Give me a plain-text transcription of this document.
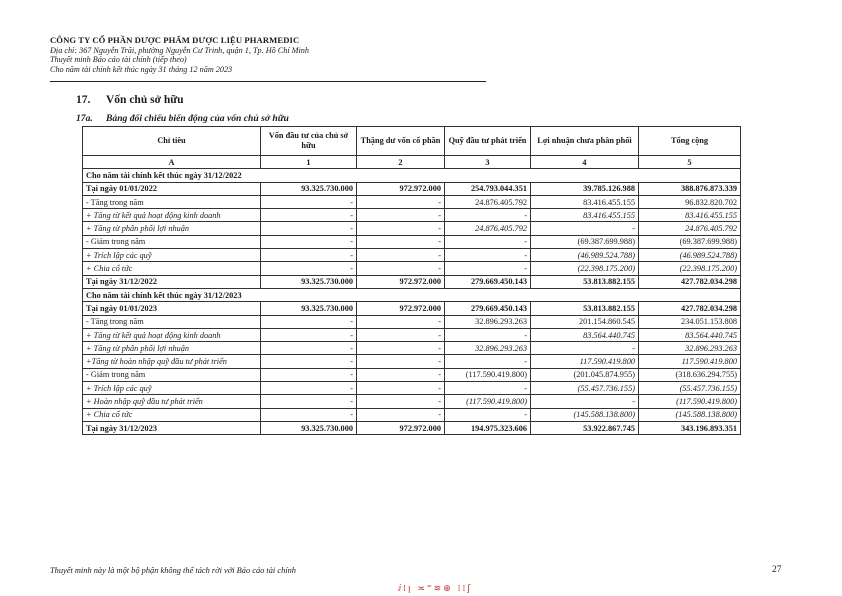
CÔNG TY CỔ PHẦN DƯỢC PHẨM DƯỢC LIỆU PHARMEDIC
Địa chỉ: 367 Nguyễn Trãi, phường Nguyễn Cư Trinh, quận 1, Tp. Hồ Chí Minh
Thuyết minh Báo cáo tài chính (tiếp theo)
Cho năm tài chính kết thúc ngày 31 tháng 12 năm 2023
17. Vốn chủ sở hữu
17a. Bảng đối chiếu biến động của vốn chủ sở hữu
Chỉ tiêu	Vốn đầu tư của chủ sở hữu	Thặng dư vốn cổ phần	Quỹ đầu tư phát triển	Lợi nhuận chưa phân phối	Tổng cộng
A	1	2	3	4	5
Cho năm tài chính kết thúc ngày 31/12/2022					
Tại ngày 01/01/2022	93.325.730.000	972.972.000	254.793.044.351	39.785.126.988	388.876.873.339
- Tăng trong năm	-	-	24.876.405.792	83.416.455.155	96.832.820.702
+ Tăng từ kết quả hoạt động kinh doanh	-	-	-	83.416.455.155	83.416.455.155
+ Tăng từ phân phối lợi nhuận	-	-	24.876.405.792	-	24.876.405.792
- Giảm trong năm	-	-	-	(69.387.699.988)	(69.387.699.988)
+ Trích lập các quỹ	-	-	-	(46.989.524.788)	(46.989.524.788)
+ Chia cổ tức	-	-	-	(22.398.175.200)	(22.398.175.200)
Tại ngày 31/12/2022	93.325.730.000	972.972.000	279.669.450.143	53.813.882.155	427.782.034.298
Cho năm tài chính kết thúc ngày 31/12/2023					
Tại ngày 01/01/2023	93.325.730.000	972.972.000	279.669.450.143	53.813.882.155	427.782.034.298
- Tăng trong năm	-	-	32.896.293.263	201.154.860.545	234.051.153.808
+ Tăng từ kết quả hoạt động kinh doanh	-	-	-	83.564.440.745	83.564.440.745
+ Tăng từ phân phối lợi nhuận	-	-	32.896.293.263	-	32.896.293.263
+Tăng từ hoàn nhập quỹ đầu tư phát triển	-	-	-	117.590.419.800	117.590.419.800
- Giảm trong năm	-	-	(117.590.419.800)	(201.045.874.955)	(318.636.294.755)
+ Trích lập các quỹ	-	-	-	(55.457.736.155)	(55.457.736.155)
+ Hoàn nhập quỹ đầu tư phát triển	-	-	(117.590.419.800)	-	(117.590.419.800)
+ Chia cổ tức	-	-	-	(145.588.138.800)	(145.588.138.800)
Tại ngày 31/12/2023	93.325.730.000	972.972.000	194.975.323.606	53.922.867.745	343.196.893.351
Thuyết minh này là một bộ phận không thể tách rời với Báo cáo tài chính	27
ⅈ⁞ꞁ ≍⁼≋⊕ ⁞⁞ʃ
